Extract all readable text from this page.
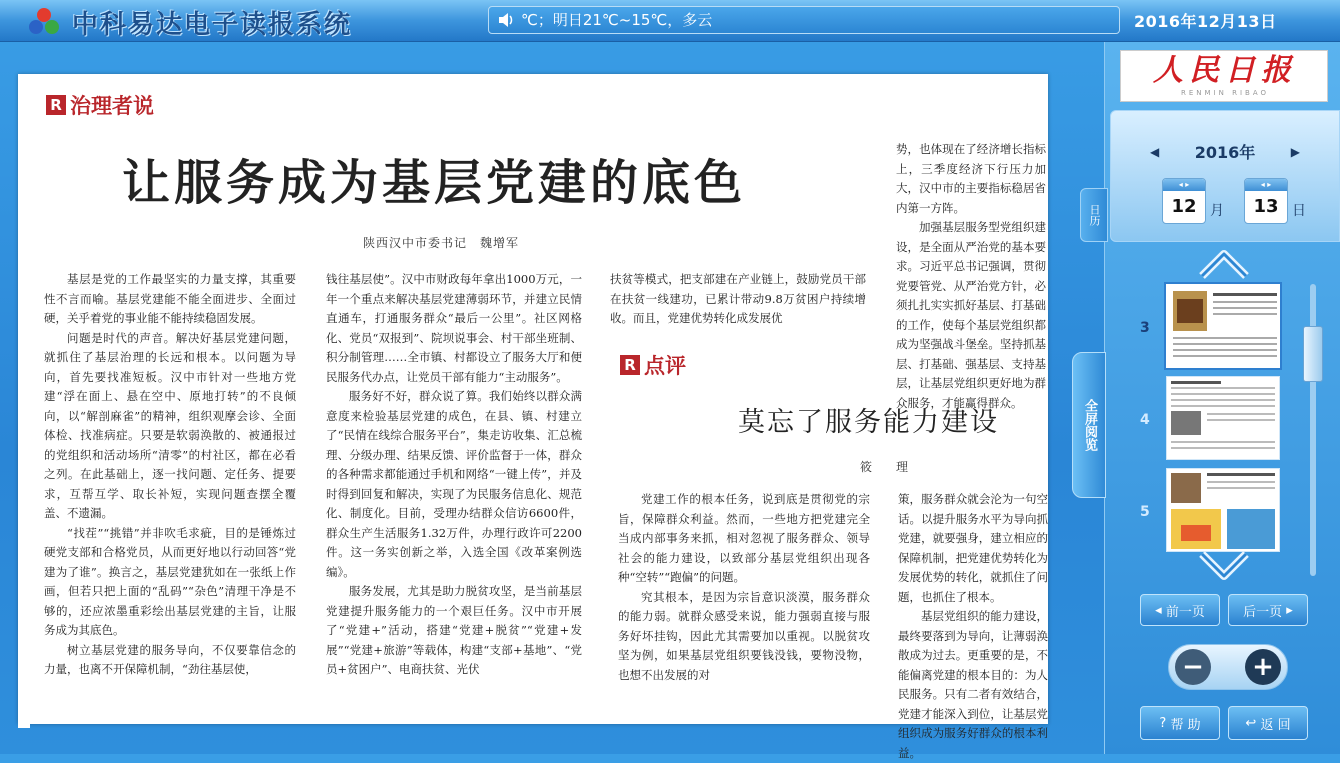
中科易达电子读报系统	℃；明日21℃~15℃，多云	2016年12月13日
R 治理者说
让服务成为基层党建的底色
陕西汉中市委书记　魏增军

基层是党的工作最坚实的力量支撑，其重要性不言而喻。基层党建能不能全面进步、全面过硬，关乎着党的事业能不能持续稳固发展。

问题是时代的声音。解决好基层党建问题，就抓住了基层治理的长远和根本。以问题为导向，首先要找准短板。汉中市针对一些地方党建“浮在面上、悬在空中、原地打转”的不良倾向，以“解剖麻雀”的精神，组织观摩会诊、全面体检、找准病症。只要是软弱涣散的、被通报过的党组织和活动场所“清零”的村社区，都在必看之列。在此基础上，逐一找问题、定任务、提要求，互帮互学、取长补短，实现问题查摆全覆盖、不遗漏。

“找茬”“挑错”并非吹毛求疵，目的是锤炼过硬党支部和合格党员，从而更好地以行动回答“党建为了谁”。换言之，基层党建犹如在一张纸上作画，但若只把上面的“乱码”“杂色”清理干净是不够的，还应浓墨重彩绘出基层党建的主旨，让服务成为其底色。

树立基层党建的服务导向，不仅要靠信念的力量，也离不开保障机制，“劲往基层使，

钱往基层使”。汉中市财政每年拿出1000万元，一年一个重点来解决基层党建薄弱环节，并建立民情直通车，打通服务群众“最后一公里”。社区网格化、党员“双报到”、院坝说事会、村干部坐班制、积分制管理……全市镇、村都设立了服务大厅和便民服务代办点，让党员干部有能力“主动服务”。

服务好不好，群众说了算。我们始终以群众满意度来检验基层党建的成色，在县、镇、村建立了“民情在线综合服务平台”，集走访收集、汇总梳理、分级办理、结果反馈、评价监督于一体，群众的各种需求都能通过手机和网络“一键上传”，并及时得到回复和解决，实现了为民服务信息化、规范化、制度化。目前，受理办结群众信访6600件，群众生产生活服务1.32万件，办理行政许可2200件。这一务实创新之举，入选全国《改革案例选编》。

服务发展，尤其是助力脱贫攻坚，是当前基层党建提升服务能力的一个艰巨任务。汉中市开展了“党建+”活动，搭建“党建+脱贫”“党建+发展”“党建+旅游”等载体，构建“支部+基地”、“党员+贫困户”、电商扶贫、光伏

扶贫等模式，把支部建在产业链上，鼓励党员干部在扶贫一线建功，已累计带动9.8万贫困户持续增收。而且，党建优势转化成发展优

势，也体现在了经济增长指标上，三季度经济下行压力加大，汉中市的主要指标稳居省内第一方阵。

加强基层服务型党组织建设，是全面从严治党的基本要求。习近平总书记强调，贯彻党要管党、从严治党方针，必须扎扎实实抓好基层、打基础的工作，使每个基层党组织都成为坚强战斗堡垒。坚持抓基层、打基础、强基层、支持基层，让基层党组织更好地为群众服务，才能赢得群众。

R 点评
莫忘了服务能力建设
筱　理

党建工作的根本任务，说到底是贯彻党的宗旨，保障群众利益。然而，一些地方把党建完全当成内部事务来抓，相对忽视了服务群众、领导社会的能力建设，以致部分基层党组织出现各种“空转”“跑偏”的问题。

究其根本，是因为宗旨意识淡漠，服务群众的能力弱。就群众感受来说，能力强弱直接与服务好坏挂钩，因此尤其需要加以重视。以脱贫攻坚为例，如果基层党组织要钱没钱，要物没物，也想不出发展的对

策，服务群众就会沦为一句空话。以提升服务水平为导向抓党建，就要强身，建立相应的保障机制，把党建优势转化为发展优势的转化，就抓住了问题，也抓住了根本。

基层党组织的能力建设，最终要落到为导向，让薄弱涣散成为过去。更重要的是，不能偏离党建的根本目的：为人民服务。只有二者有效结合，党建才能深入到位，让基层党组织成为服务好群众的根本利益。

人民日报
RENMIN RIBAO
◀ 2016年	▶
◂ ▸
12 月
◂ ▸
13 日
日历
全屏阅览
3
4
5
◂ 前一页	后一页 ▸
− +
? 帮 助	↩ 返 回
